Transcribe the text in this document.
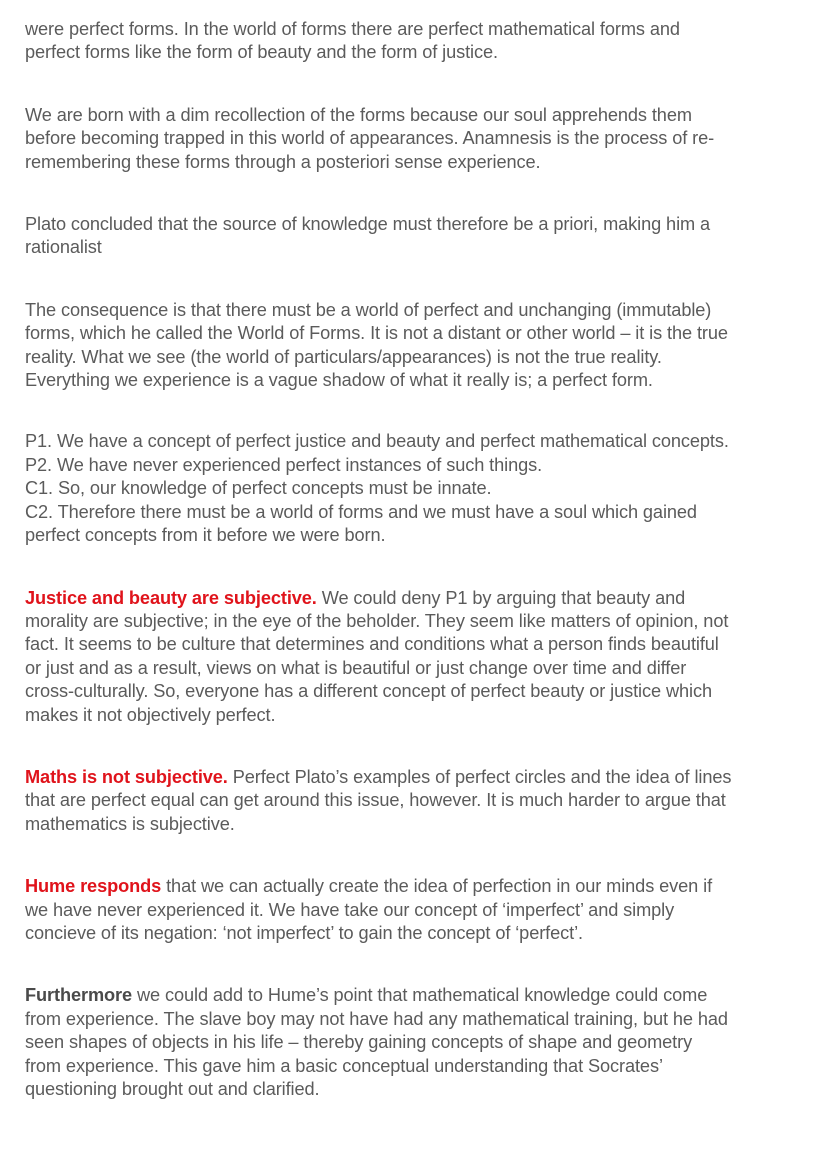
were perfect forms. In the world of forms there are perfect mathematical forms and
perfect forms like the form of beauty and the form of justice.

We are born with a dim recollection of the forms because our soul apprehends them
before becoming trapped in this world of appearances. Anamnesis is the process of re-
remembering these forms through a posteriori sense experience.

Plato concluded that the source of knowledge must therefore be a priori, making him a
rationalist

The consequence is that there must be a world of perfect and unchanging (immutable)
forms, which he called the World of Forms. It is not a distant or other world – it is the true
reality. What we see (the world of particulars/appearances) is not the true reality.
Everything we experience is a vague shadow of what it really is; a perfect form.

P1. We have a concept of perfect justice and beauty and perfect mathematical concepts.
P2. We have never experienced perfect instances of such things.
C1. So, our knowledge of perfect concepts must be innate.
C2. Therefore there must be a world of forms and we must have a soul which gained
perfect concepts from it before we were born.

Justice and beauty are subjective. We could deny P1 by arguing that beauty and
morality are subjective; in the eye of the beholder. They seem like matters of opinion, not
fact. It seems to be culture that determines and conditions what a person finds beautiful
or just and as a result, views on what is beautiful or just change over time and differ
cross-culturally. So, everyone has a different concept of perfect beauty or justice which
makes it not objectively perfect.

Maths is not subjective. Perfect Plato’s examples of perfect circles and the idea of lines
that are perfect equal can get around this issue, however. It is much harder to argue that
mathematics is subjective.

Hume responds that we can actually create the idea of perfection in our minds even if
we have never experienced it. We have take our concept of ‘imperfect’ and simply
concieve of its negation: ‘not imperfect’ to gain the concept of ‘perfect’.

Furthermore we could add to Hume’s point that mathematical knowledge could come
from experience. The slave boy may not have had any mathematical training, but he had
seen shapes of objects in his life – thereby gaining concepts of shape and geometry
from experience. This gave him a basic conceptual understanding that Socrates’
questioning brought out and clarified.
